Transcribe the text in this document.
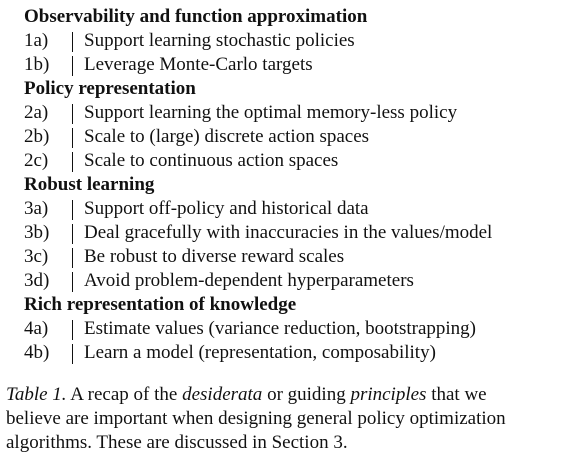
Observability and function approximation
1a) Support learning stochastic policies
1b) Leverage Monte-Carlo targets
Policy representation
2a) Support learning the optimal memory-less policy
2b) Scale to (large) discrete action spaces
2c) Scale to continuous action spaces
Robust learning
3a) Support off-policy and historical data
3b) Deal gracefully with inaccuracies in the values/model
3c) Be robust to diverse reward scales
3d) Avoid problem-dependent hyperparameters
Rich representation of knowledge
4a) Estimate values (variance reduction, bootstrapping)
4b) Learn a model (representation, composability)
Table 1. A recap of the desiderata or guiding principles that we
believe are important when designing general policy optimization
algorithms. These are discussed in Section 3.
